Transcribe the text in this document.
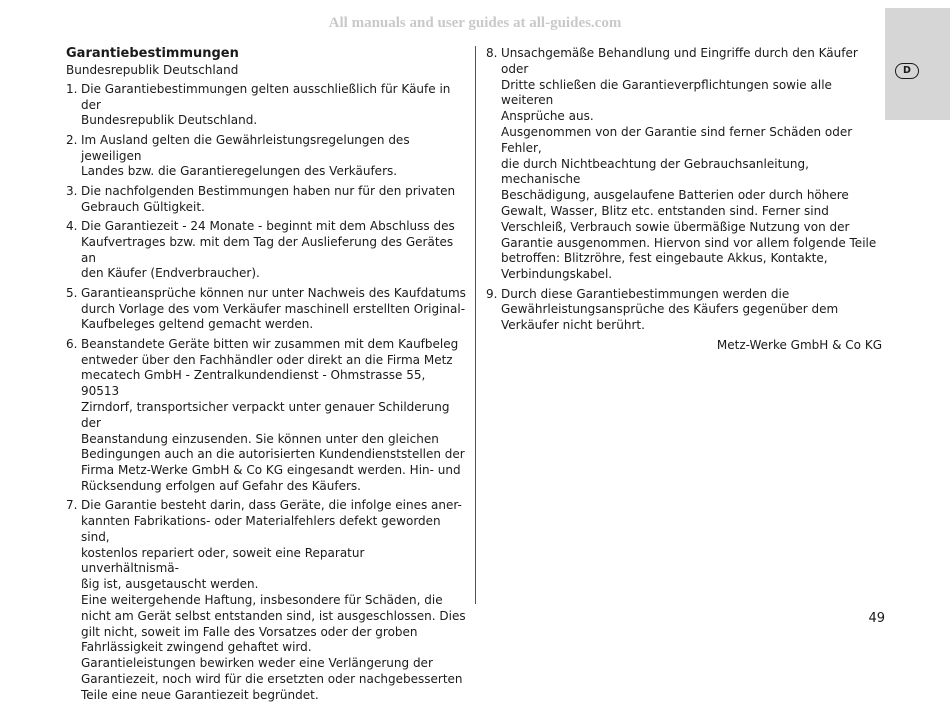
All manuals and user guides at all-guides.com
D
Garantiebestimmungen
Bundesrepublik Deutschland
1. Die Garantiebestimmungen gelten ausschließlich für Käufe in der
Bundesrepublik Deutschland.
2. Im Ausland gelten die Gewährleistungsregelungen des jeweiligen
Landes bzw. die Garantieregelungen des Verkäufers.
3. Die nachfolgenden Bestimmungen haben nur für den privaten
Gebrauch Gültigkeit.
4. Die Garantiezeit - 24 Monate - beginnt mit dem Abschluss des
Kaufvertrages bzw. mit dem Tag der Auslieferung des Gerätes an
den Käufer (Endverbraucher).
5. Garantieansprüche können nur unter Nachweis des Kaufdatums
durch Vorlage des vom Verkäufer maschinell erstellten Original-
Kaufbeleges geltend gemacht werden.
6. Beanstandete Geräte bitten wir zusammen mit dem Kaufbeleg
entweder über den Fachhändler oder direkt an die Firma Metz
mecatech GmbH - Zentralkundendienst - Ohmstrasse 55, 90513
Zirndorf, transportsicher verpackt unter genauer Schilderung der
Beanstandung einzusenden. Sie können unter den gleichen
Bedingungen auch an die autorisierten Kundendienststellen der
Firma Metz-Werke GmbH & Co KG eingesandt werden. Hin- und
Rücksendung erfolgen auf Gefahr des Käufers.
7. Die Garantie besteht darin, dass Geräte, die infolge eines aner-
kannten Fabrikations- oder Materialfehlers defekt geworden sind,
kostenlos repariert oder, soweit eine Reparatur unverhältnismä-
ßig ist, ausgetauscht werden.
Eine weitergehende Haftung, insbesondere für Schäden, die
nicht am Gerät selbst entstanden sind, ist ausgeschlossen. Dies
gilt nicht, soweit im Falle des Vorsatzes oder der groben
Fahrlässigkeit zwingend gehaftet wird.
Garantieleistungen bewirken weder eine Verlängerung der
Garantiezeit, noch wird für die ersetzten oder nachgebesserten
Teile eine neue Garantiezeit begründet.
8. Unsachgemäße Behandlung und Eingriffe durch den Käufer oder
Dritte schließen die Garantieverpflichtungen sowie alle weiteren
Ansprüche aus.
Ausgenommen von der Garantie sind ferner Schäden oder Fehler,
die durch Nichtbeachtung der Gebrauchsanleitung, mechanische
Beschädigung, ausgelaufene Batterien oder durch höhere
Gewalt, Wasser, Blitz etc. entstanden sind. Ferner sind
Verschleiß, Verbrauch sowie übermäßige Nutzung von der
Garantie ausgenommen. Hiervon sind vor allem folgende Teile
betroffen: Blitzröhre, fest eingebaute Akkus, Kontakte,
Verbindungskabel.
9. Durch diese Garantiebestimmungen werden die
Gewährleistungsansprüche des Käufers gegenüber dem
Verkäufer nicht berührt.
Metz-Werke GmbH & Co KG
49
